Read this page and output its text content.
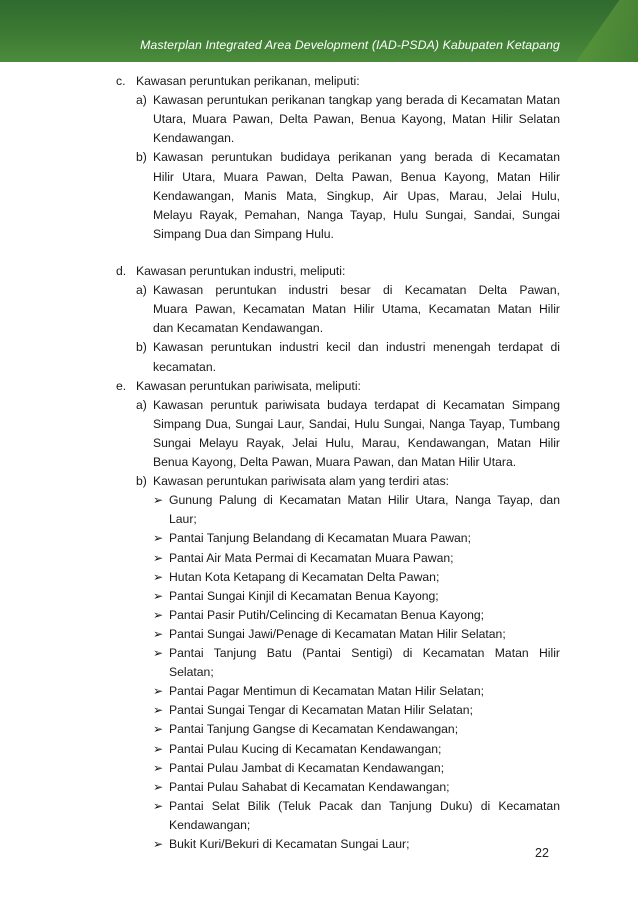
Masterplan Integrated Area Development (IAD-PSDA) Kabupaten Ketapang
c. Kawasan peruntukan perikanan, meliputi:
a) Kawasan peruntukan perikanan tangkap yang berada di Kecamatan Matan
Utara, Muara Pawan, Delta Pawan, Benua Kayong, Matan Hilir Selatan
Kendawangan.
b) Kawasan peruntukan budidaya perikanan yang berada di Kecamatan
Hilir Utara, Muara Pawan, Delta Pawan, Benua Kayong, Matan Hilir
Kendawangan, Manis Mata, Singkup, Air Upas, Marau, Jelai Hulu,
Melayu Rayak, Pemahan, Nanga Tayap, Hulu Sungai, Sandai, Sungai
Simpang Dua dan Simpang Hulu.
d. Kawasan peruntukan industri, meliputi:
a) Kawasan peruntukan industri besar di Kecamatan Delta Pawan,
Muara Pawan, Kecamatan Matan Hilir Utama, Kecamatan Matan Hilir
dan Kecamatan Kendawangan.
b) Kawasan peruntukan industri kecil dan industri menengah terdapat di
kecamatan.
e. Kawasan peruntukan pariwisata, meliputi:
a) Kawasan peruntuk pariwisata budaya terdapat di Kecamatan Simpang
Simpang Dua, Sungai Laur, Sandai, Hulu Sungai, Nanga Tayap, Tumbang
Sungai Melayu Rayak, Jelai Hulu, Marau, Kendawangan, Matan Hilir
Benua Kayong, Delta Pawan, Muara Pawan, dan Matan Hilir Utara.
b) Kawasan peruntukan pariwisata alam yang terdiri atas:
➢ Gunung Palung di Kecamatan Matan Hilir Utara, Nanga Tayap, dan
Laur;
➢ Pantai Tanjung Belandang di Kecamatan Muara Pawan;
➢ Pantai Air Mata Permai di Kecamatan Muara Pawan;
➢ Hutan Kota Ketapang di Kecamatan Delta Pawan;
➢ Pantai Sungai Kinjil di Kecamatan Benua Kayong;
➢ Pantai Pasir Putih/Celincing di Kecamatan Benua Kayong;
➢ Pantai Sungai Jawi/Penage di Kecamatan Matan Hilir Selatan;
➢ Pantai Tanjung Batu (Pantai Sentigi) di Kecamatan Matan Hilir
Selatan;
➢ Pantai Pagar Mentimun di Kecamatan Matan Hilir Selatan;
➢ Pantai Sungai Tengar di Kecamatan Matan Hilir Selatan;
➢ Pantai Tanjung Gangse di Kecamatan Kendawangan;
➢ Pantai Pulau Kucing di Kecamatan Kendawangan;
➢ Pantai Pulau Jambat di Kecamatan Kendawangan;
➢ Pantai Pulau Sahabat di Kecamatan Kendawangan;
➢ Pantai Selat Bilik (Teluk Pacak dan Tanjung Duku) di Kecamatan
Kendawangan;
➢ Bukit Kuri/Bekuri di Kecamatan Sungai Laur;
22
